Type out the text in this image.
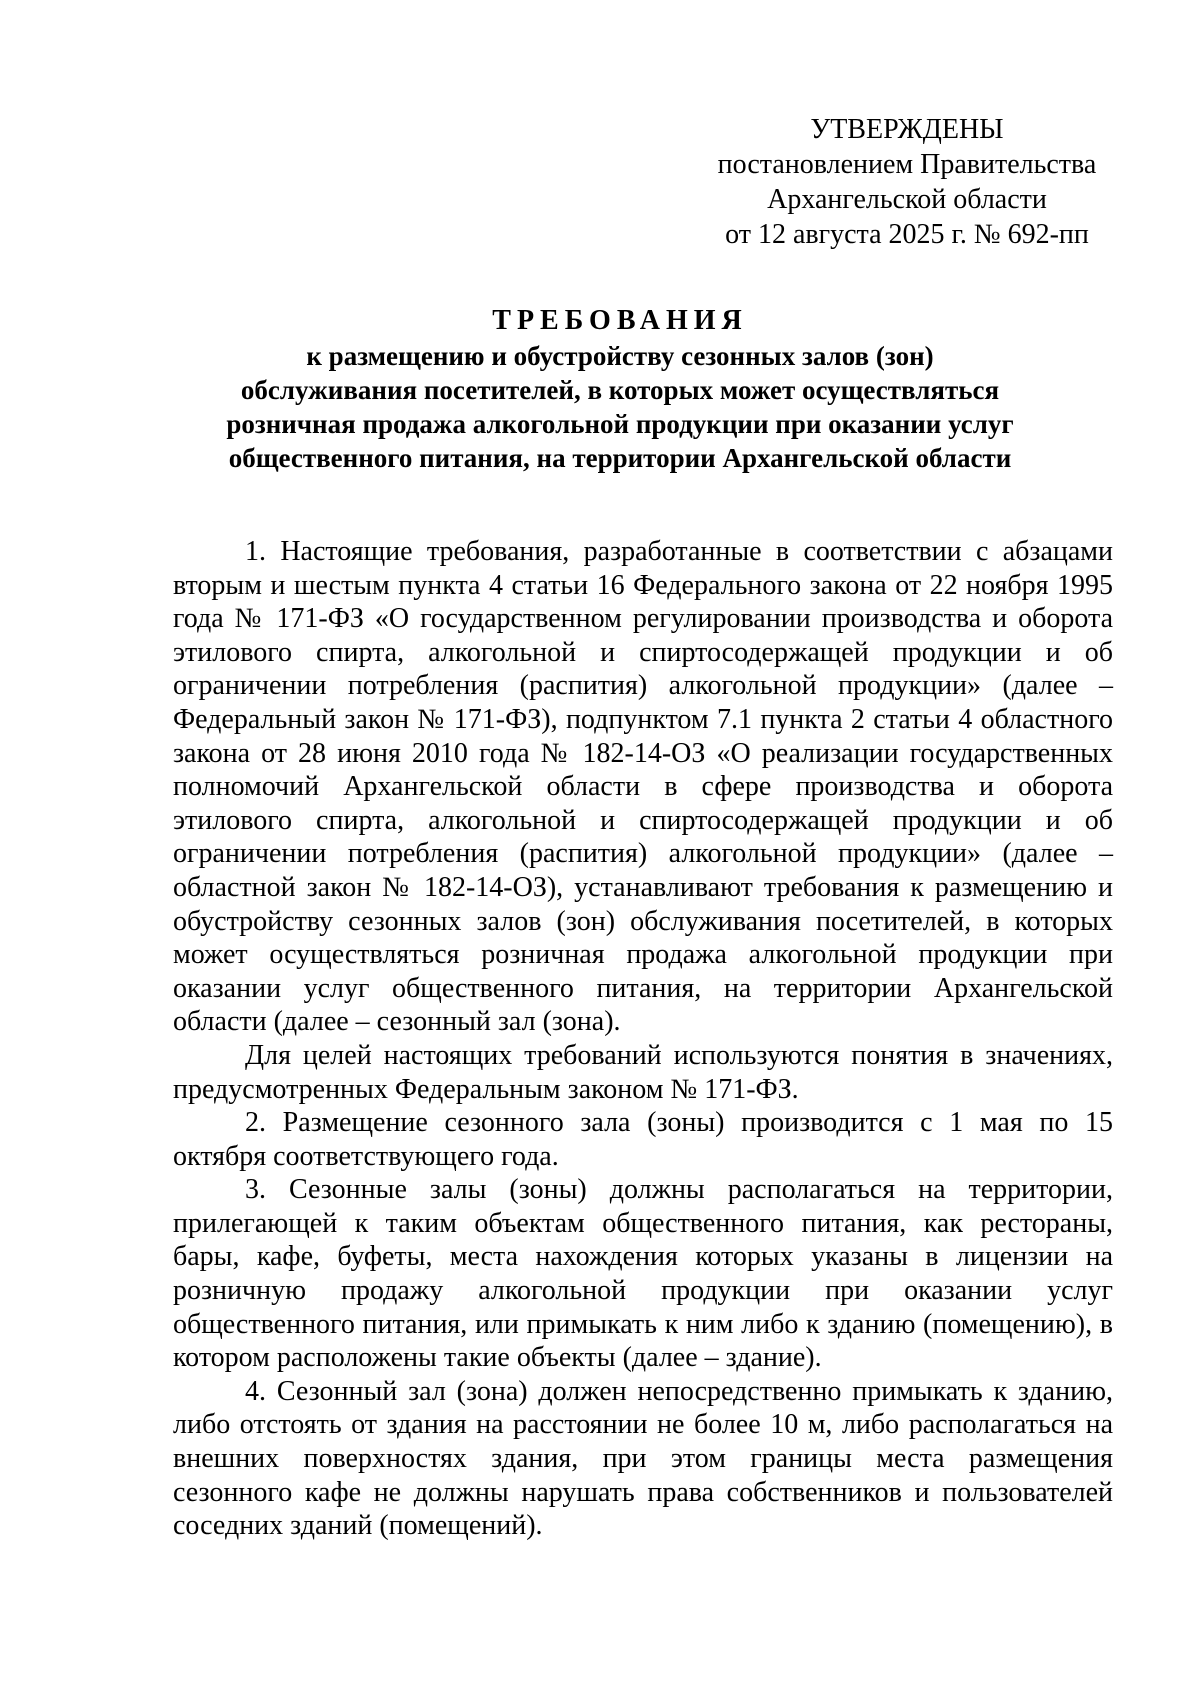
УТВЕРЖДЕНЫ
постановлением Правительства
Архангельской области
от 12 августа 2025 г. № 692-пп
ТРЕБОВАНИЯ
к размещению и обустройству сезонных залов (зон)
обслуживания посетителей, в которых может осуществляться
розничная продажа алкогольной продукции при оказании услуг
общественного питания, на территории Архангельской области

1. Настоящие требования, разработанные в соответствии с абзацами вторым и шестым пункта 4 статьи 16 Федерального закона от 22 ноября 1995 года № 171-ФЗ «О государственном регулировании производства и оборота этилового спирта, алкогольной и спиртосодержащей продукции и об ограничении потребления (распития) алкогольной продукции» (далее – Федеральный закон № 171-ФЗ), подпунктом 7.1 пункта 2 статьи 4 областного закона от 28 июня 2010 года № 182-14-ОЗ «О реализации государственных полномочий Архангельской области в сфере производства и оборота этилового спирта, алкогольной и спиртосодержащей продукции и об ограничении потребления (распития) алкогольной продукции» (далее – областной закон № 182-14-ОЗ), устанавливают требования к размещению и обустройству сезонных залов (зон) обслуживания посетителей, в которых может осуществляться розничная продажа алкогольной продукции при оказании услуг общественного питания, на территории Архангельской области (далее – сезонный зал (зона).

Для целей настоящих требований используются понятия в значениях, предусмотренных Федеральным законом № 171-ФЗ.

2. Размещение сезонного зала (зоны) производится с 1 мая по 15 октября соответствующего года.

3. Сезонные залы (зоны) должны располагаться на территории, прилегающей к таким объектам общественного питания, как рестораны, бары, кафе, буфеты, места нахождения которых указаны в лицензии на розничную продажу алкогольной продукции при оказании услуг общественного питания, или примыкать к ним либо к зданию (помещению), в котором расположены такие объекты (далее – здание).

4. Сезонный зал (зона) должен непосредственно примыкать к зданию, либо отстоять от здания на расстоянии не более 10 м, либо располагаться на внешних поверхностях здания, при этом границы места размещения сезонного кафе не должны нарушать права собственников и пользователей соседних зданий (помещений).
